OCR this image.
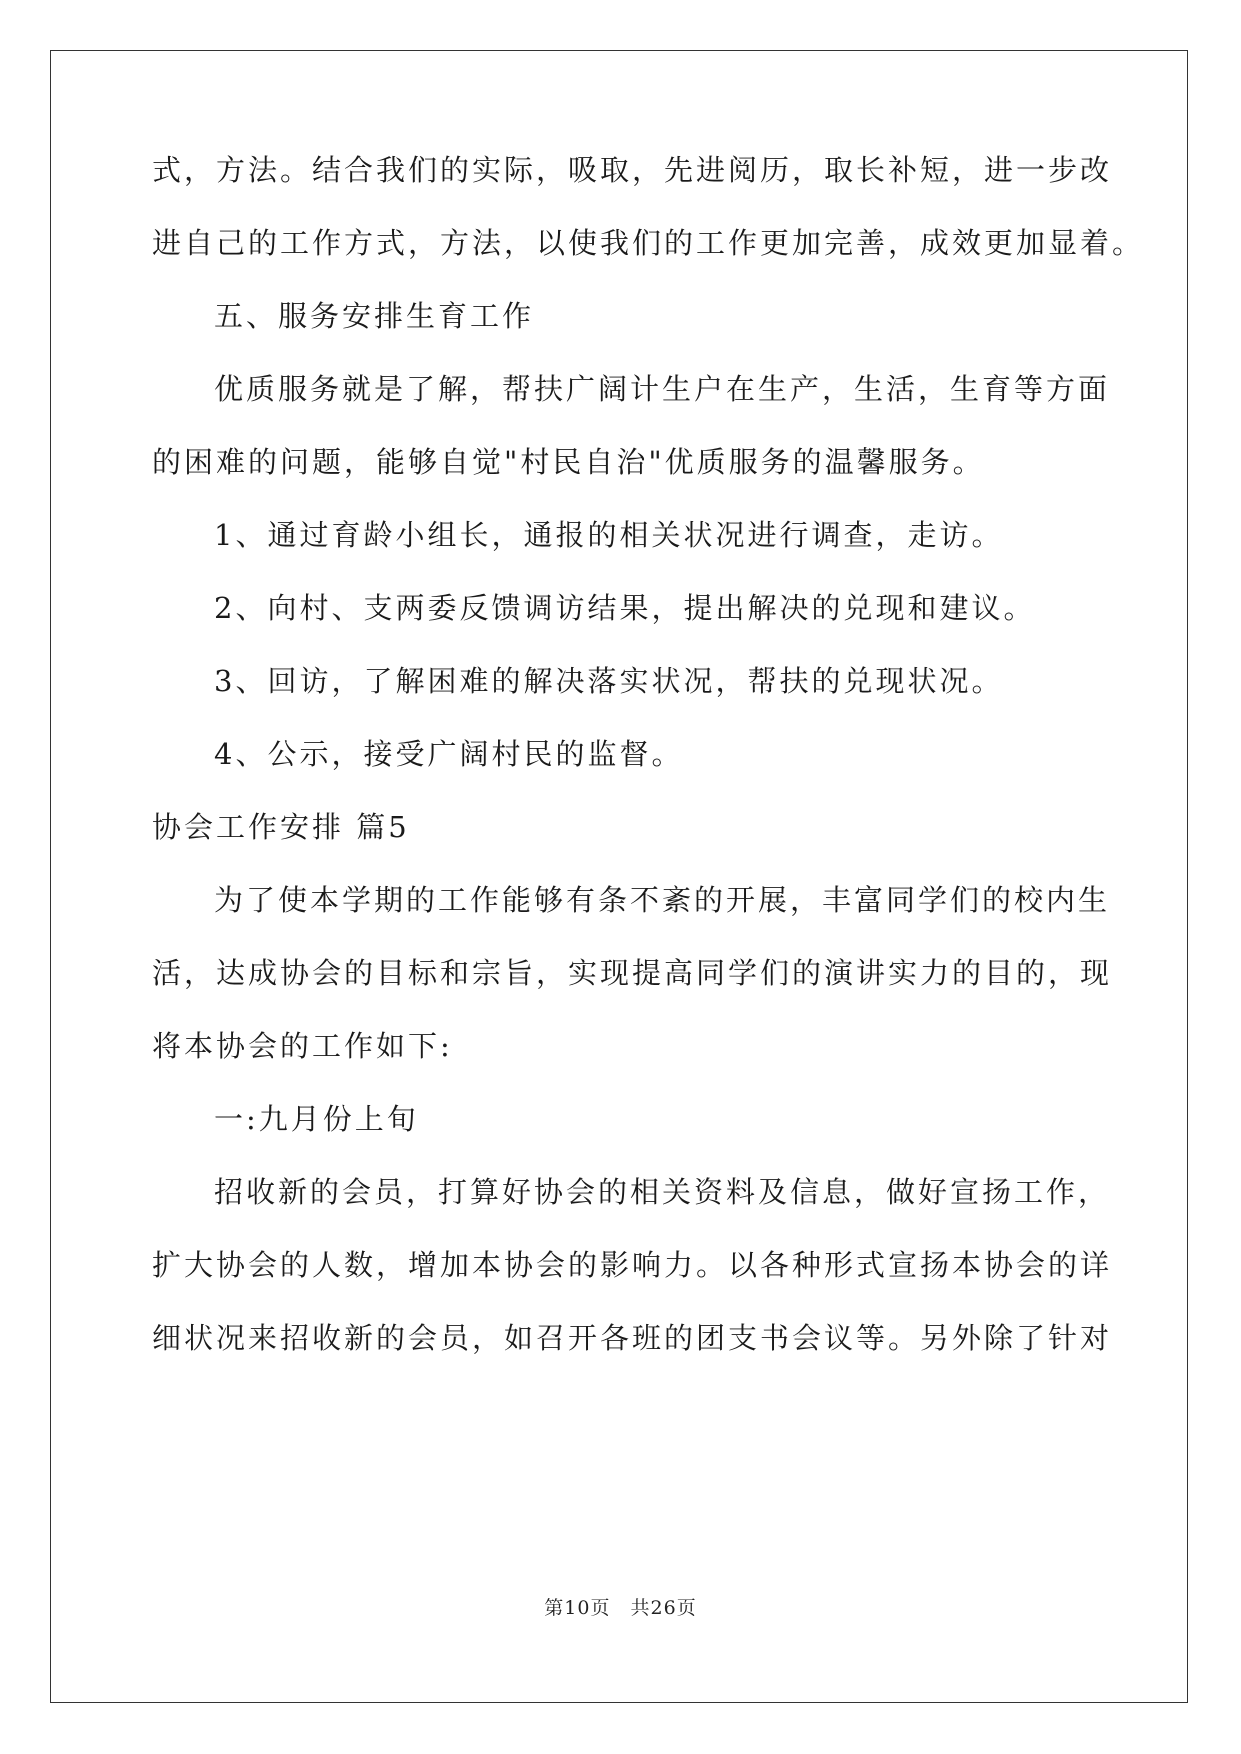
式，方法。结合我们的实际，吸取，先进阅历，取长补短，进一步改
进自己的工作方式，方法，以使我们的工作更加完善，成效更加显着。
五、服务安排生育工作
优质服务就是了解，帮扶广阔计生户在生产，生活，生育等方面
的困难的问题，能够自觉"村民自治"优质服务的温馨服务。
1、通过育龄小组长，通报的相关状况进行调查，走访。
2、向村、支两委反馈调访结果，提出解决的兑现和建议。
3、回访，了解困难的解决落实状况，帮扶的兑现状况。
4、公示，接受广阔村民的监督。
协会工作安排 篇5
为了使本学期的工作能够有条不紊的开展，丰富同学们的校内生
活，达成协会的目标和宗旨，实现提高同学们的演讲实力的目的，现
将本协会的工作如下:
一:九月份上旬
招收新的会员，打算好协会的相关资料及信息，做好宣扬工作，
扩大协会的人数，增加本协会的影响力。以各种形式宣扬本协会的详
细状况来招收新的会员，如召开各班的团支书会议等。另外除了针对
第10页　共26页
